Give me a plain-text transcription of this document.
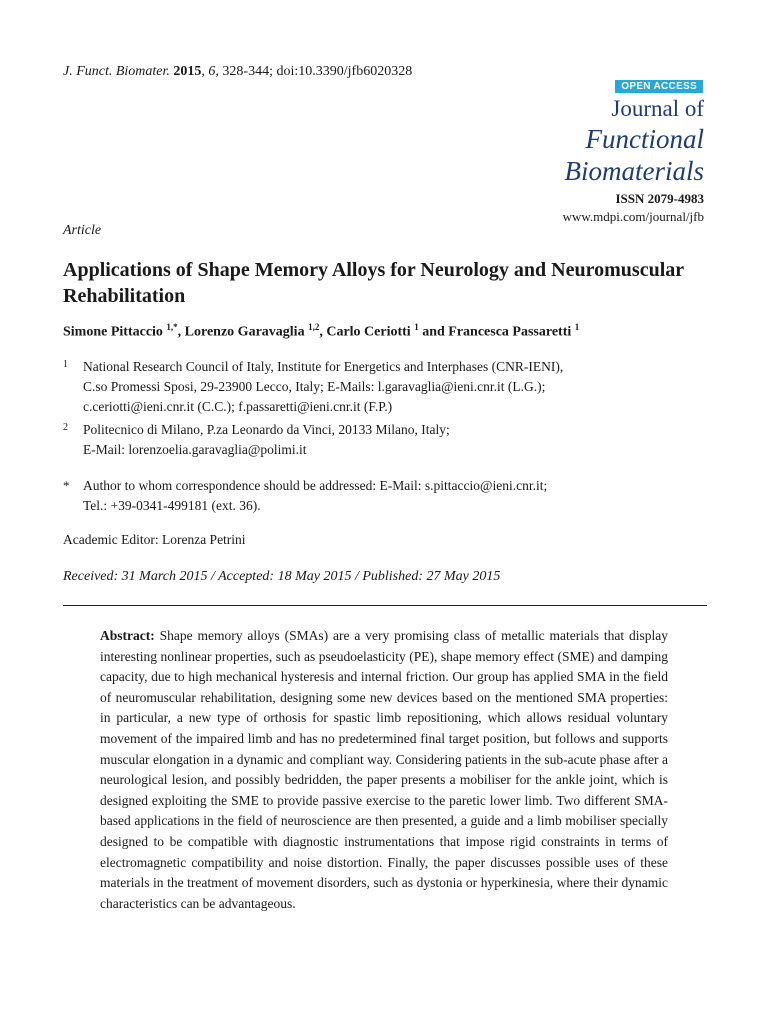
J. Funct. Biomater. 2015, 6, 328-344; doi:10.3390/jfb6020328
OPEN ACCESS
Journal of
Functional
Biomaterials
ISSN 2079-4983
www.mdpi.com/journal/jfb
Article
Applications of Shape Memory Alloys for Neurology and Neuromuscular Rehabilitation
Simone Pittaccio $^{1,*}$, Lorenzo Garavaglia $^{1,2}$, Carlo Ceriotti $^1$ and Francesca Passaretti $^1$
1 National Research Council of Italy, Institute for Energetics and Interphases (CNR-IENI),
C.so Promessi Sposi, 29-23900 Lecco, Italy; E-Mails: l.garavaglia@ieni.cnr.it (L.G.);
c.ceriotti@ieni.cnr.it (C.C.); f.passaretti@ieni.cnr.it (F.P.)
2 Politecnico di Milano, P.za Leonardo da Vinci, 20133 Milano, Italy;
E-Mail: lorenzoelia.garavaglia@polimi.it
* Author to whom correspondence should be addressed: E-Mail: s.pittaccio@ieni.cnr.it;
Tel.: +39-0341-499181 (ext. 36).
Academic Editor: Lorenza Petrini
Received: 31 March 2015 / Accepted: 18 May 2015 / Published: 27 May 2015
Abstract: Shape memory alloys (SMAs) are a very promising class of metallic materials that display interesting nonlinear properties, such as pseudoelasticity (PE), shape memory effect (SME) and damping capacity, due to high mechanical hysteresis and internal friction. Our group has applied SMA in the field of neuromuscular rehabilitation, designing some new devices based on the mentioned SMA properties: in particular, a new type of orthosis for spastic limb repositioning, which allows residual voluntary movement of the impaired limb and has no predetermined final target position, but follows and supports muscular elongation in a dynamic and compliant way. Considering patients in the sub-acute phase after a neurological lesion, and possibly bedridden, the paper presents a mobiliser for the ankle joint, which is designed exploiting the SME to provide passive exercise to the paretic lower limb. Two different SMA-based applications in the field of neuroscience are then presented, a guide and a limb mobiliser specially designed to be compatible with diagnostic instrumentations that impose rigid constraints in terms of electromagnetic compatibility and noise distortion. Finally, the paper discusses possible uses of these materials in the treatment of movement disorders, such as dystonia or hyperkinesia, where their dynamic characteristics can be advantageous.
